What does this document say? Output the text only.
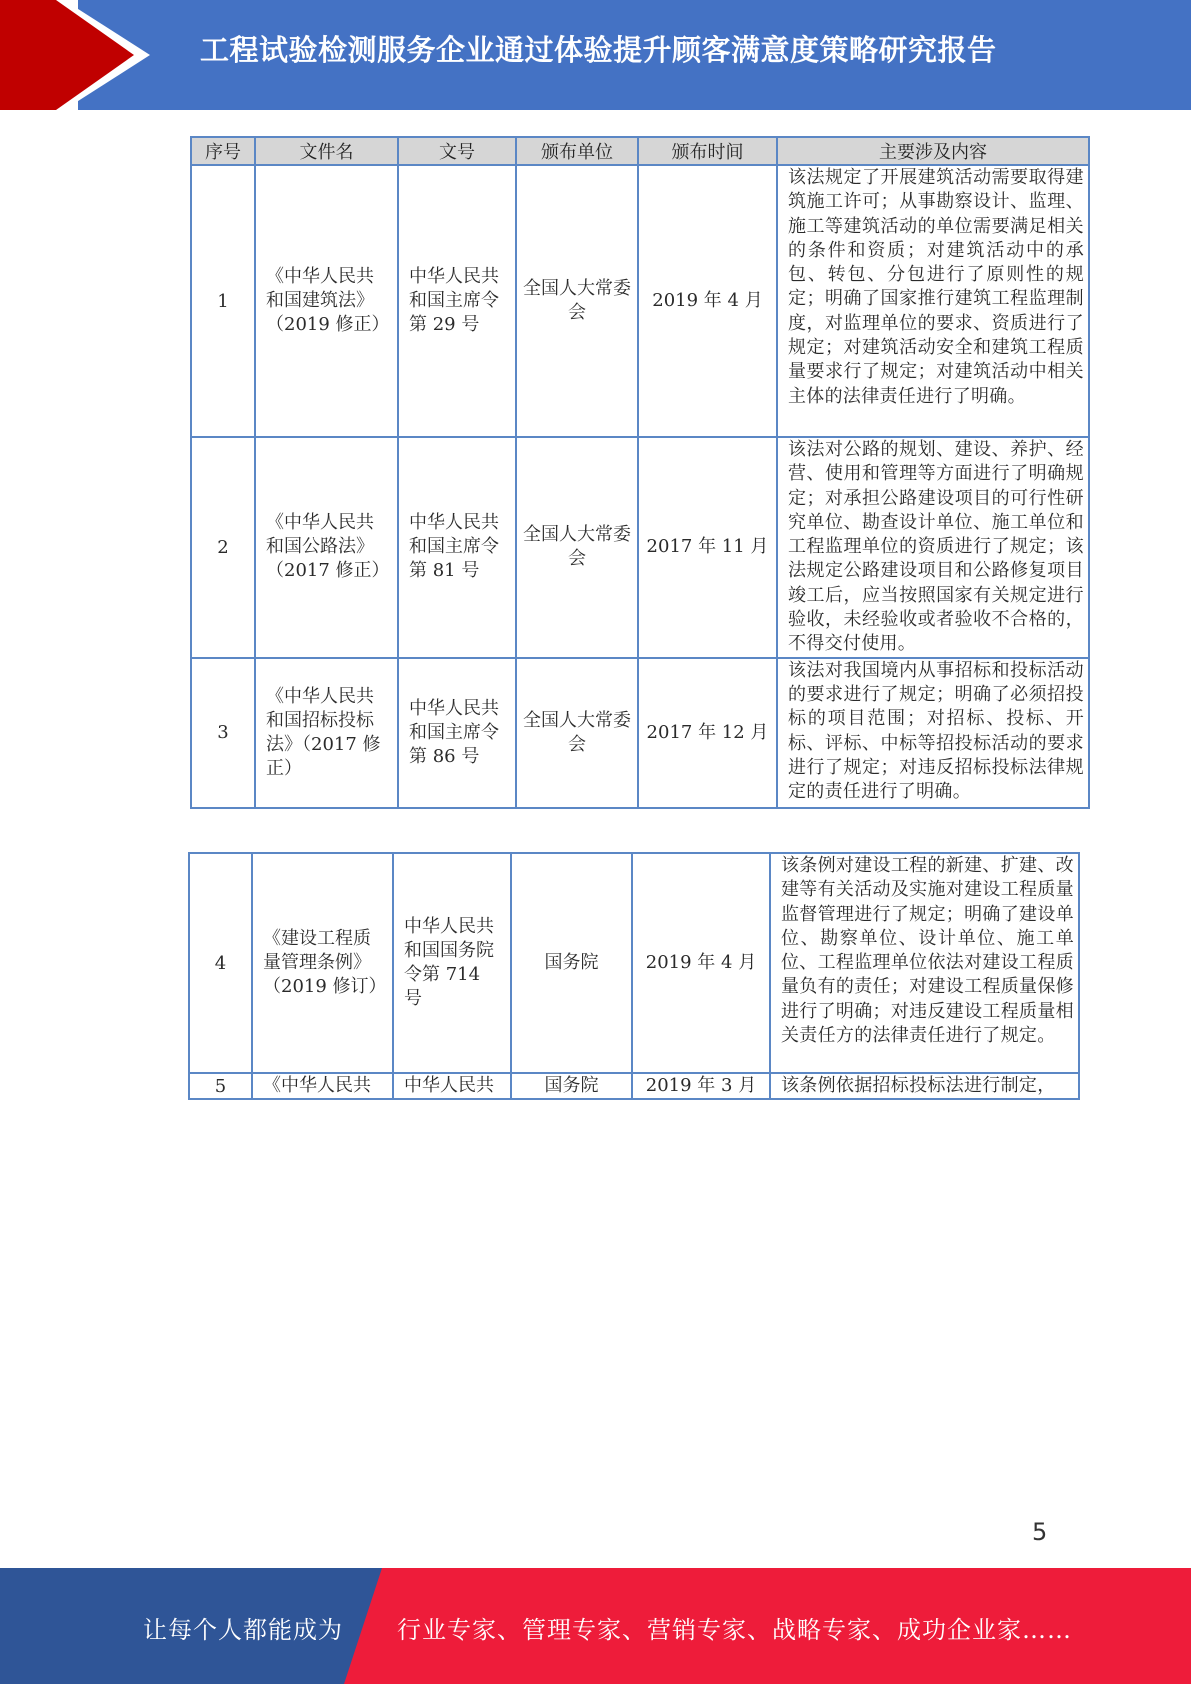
工程试验检测服务企业通过体验提升顾客满意度策略研究报告
序号	文件名	文号	颁布单位	颁布时间	主要涉及内容
1	《中华人民共和国建筑法》（2019 修正）	中华人民共和国主席令第 29 号	全国人大常委会	2019 年 4 月	该法规定了开展建筑活动需要取得建筑施工许可；从事勘察设计、监理、施工等建筑活动的单位需要满足相关的条件和资质；对建筑活动中的承包、转包、分包进行了原则性的规定；明确了国家推行建筑工程监理制度，对监理单位的要求、资质进行了规定；对建筑活动安全和建筑工程质量要求行了规定；对建筑活动中相关主体的法律责任进行了明确。
2	《中华人民共和国公路法》（2017 修正）	中华人民共和国主席令第 81 号	全国人大常委会	2017 年 11 月	该法对公路的规划、建设、养护、经营、使用和管理等方面进行了明确规定；对承担公路建设项目的可行性研究单位、勘查设计单位、施工单位和工程监理单位的资质进行了规定；该法规定公路建设项目和公路修复项目竣工后，应当按照国家有关规定进行验收，未经验收或者验收不合格的，不得交付使用。
3	《中华人民共和国招标投标法》（2017 修正）	中华人民共和国主席令第 86 号	全国人大常委会	2017 年 12 月	该法对我国境内从事招标和投标活动的要求进行了规定；明确了必须招投标的项目范围；对招标、投标、开标、评标、中标等招投标活动的要求进行了规定；对违反招标投标法律规定的责任进行了明确。
4	《建设工程质量管理条例》（2019 修订）	中华人民共和国国务院令第 714 号	国务院	2019 年 4 月	该条例对建设工程的新建、扩建、改建等有关活动及实施对建设工程质量监督管理进行了规定；明确了建设单位、勘察单位、设计单位、施工单位、工程监理单位依法对建设工程质量负有的责任；对建设工程质量保修进行了明确；对违反建设工程质量相关责任方的法律责任进行了规定。
5	《中华人民共	中华人民共	国务院	2019 年 3 月	该条例依据招标投标法进行制定，
5
让每个人都能成为 行业专家、管理专家、营销专家、战略专家、成功企业家……
